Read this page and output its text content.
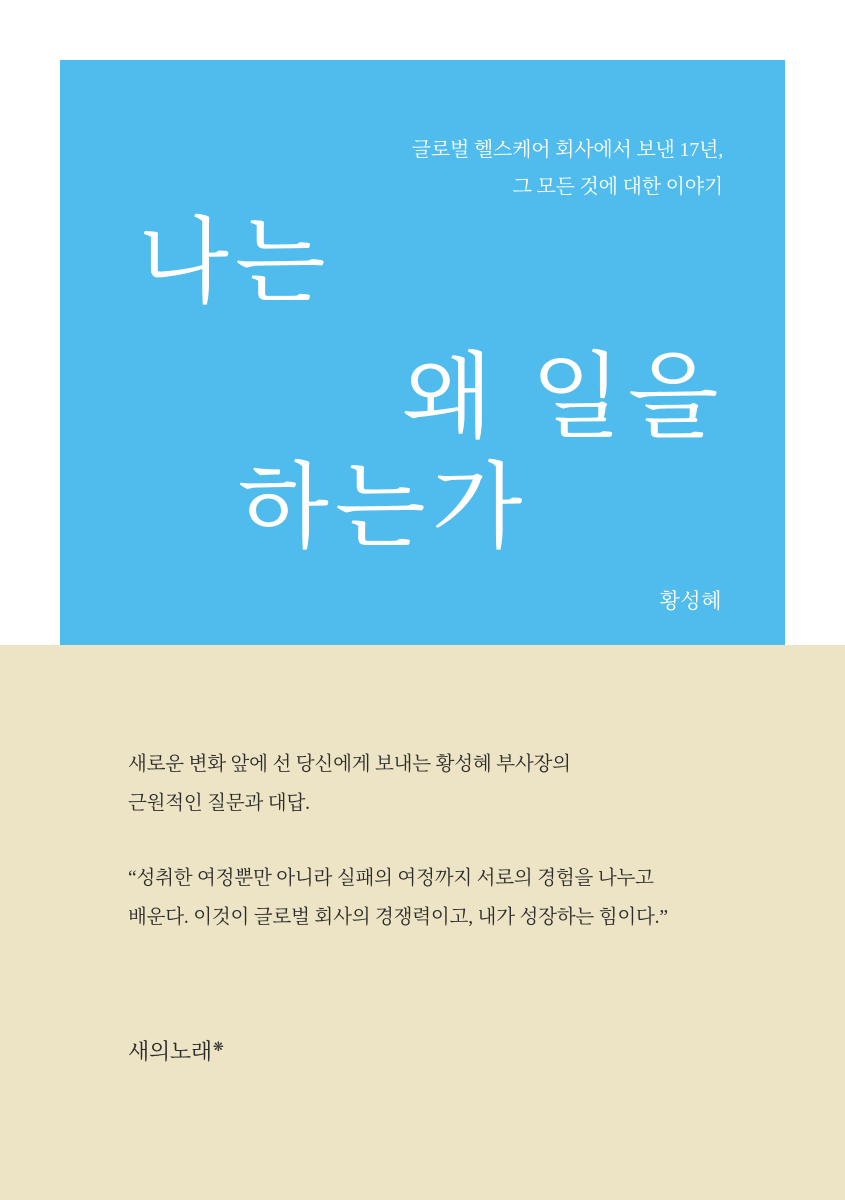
글로벌 헬스케어 회사에서 보낸 17년,
그 모든 것에 대한 이야기
나는
왜 일을
하는가
황성혜

새로운 변화 앞에 선 당신에게 보내는 황성혜 부사장의
근원적인 질문과 대답.

“성취한 여정뿐만 아니라 실패의 여정까지 서로의 경험을 나누고
배운다. 이것이 글로벌 회사의 경쟁력이고, 내가 성장하는 힘이다.”

새의노래❋
